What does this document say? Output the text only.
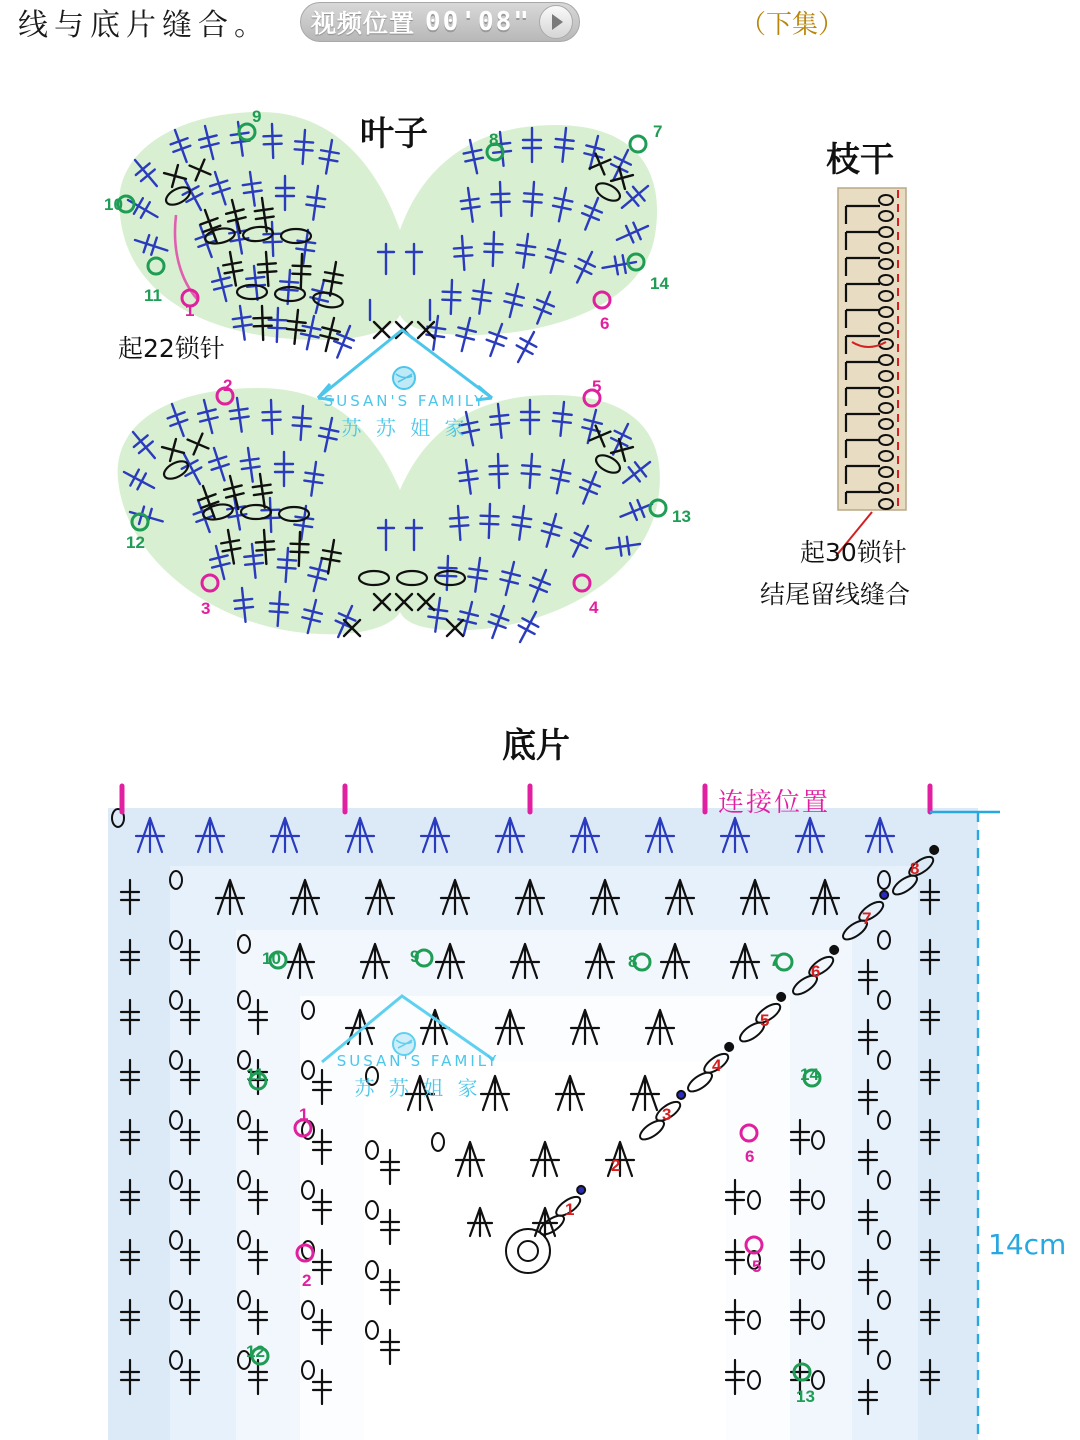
线与底片缝合。 视频位置 00'08"	（下集）
叶子
起22锁针
SUSAN'S FAMILY
苏 苏 姐 家
枝干
起30锁针
结尾留线缝合
底片
连接位置
14cm
SUSAN'S FAMILY
苏 苏 姐 家
9
8	7
10
14
11
1
6
2	5
13
12
3	4
8
7
10	9	8	7
6
5
4	14
11
3
6
1
2
1
5
2
12
13
